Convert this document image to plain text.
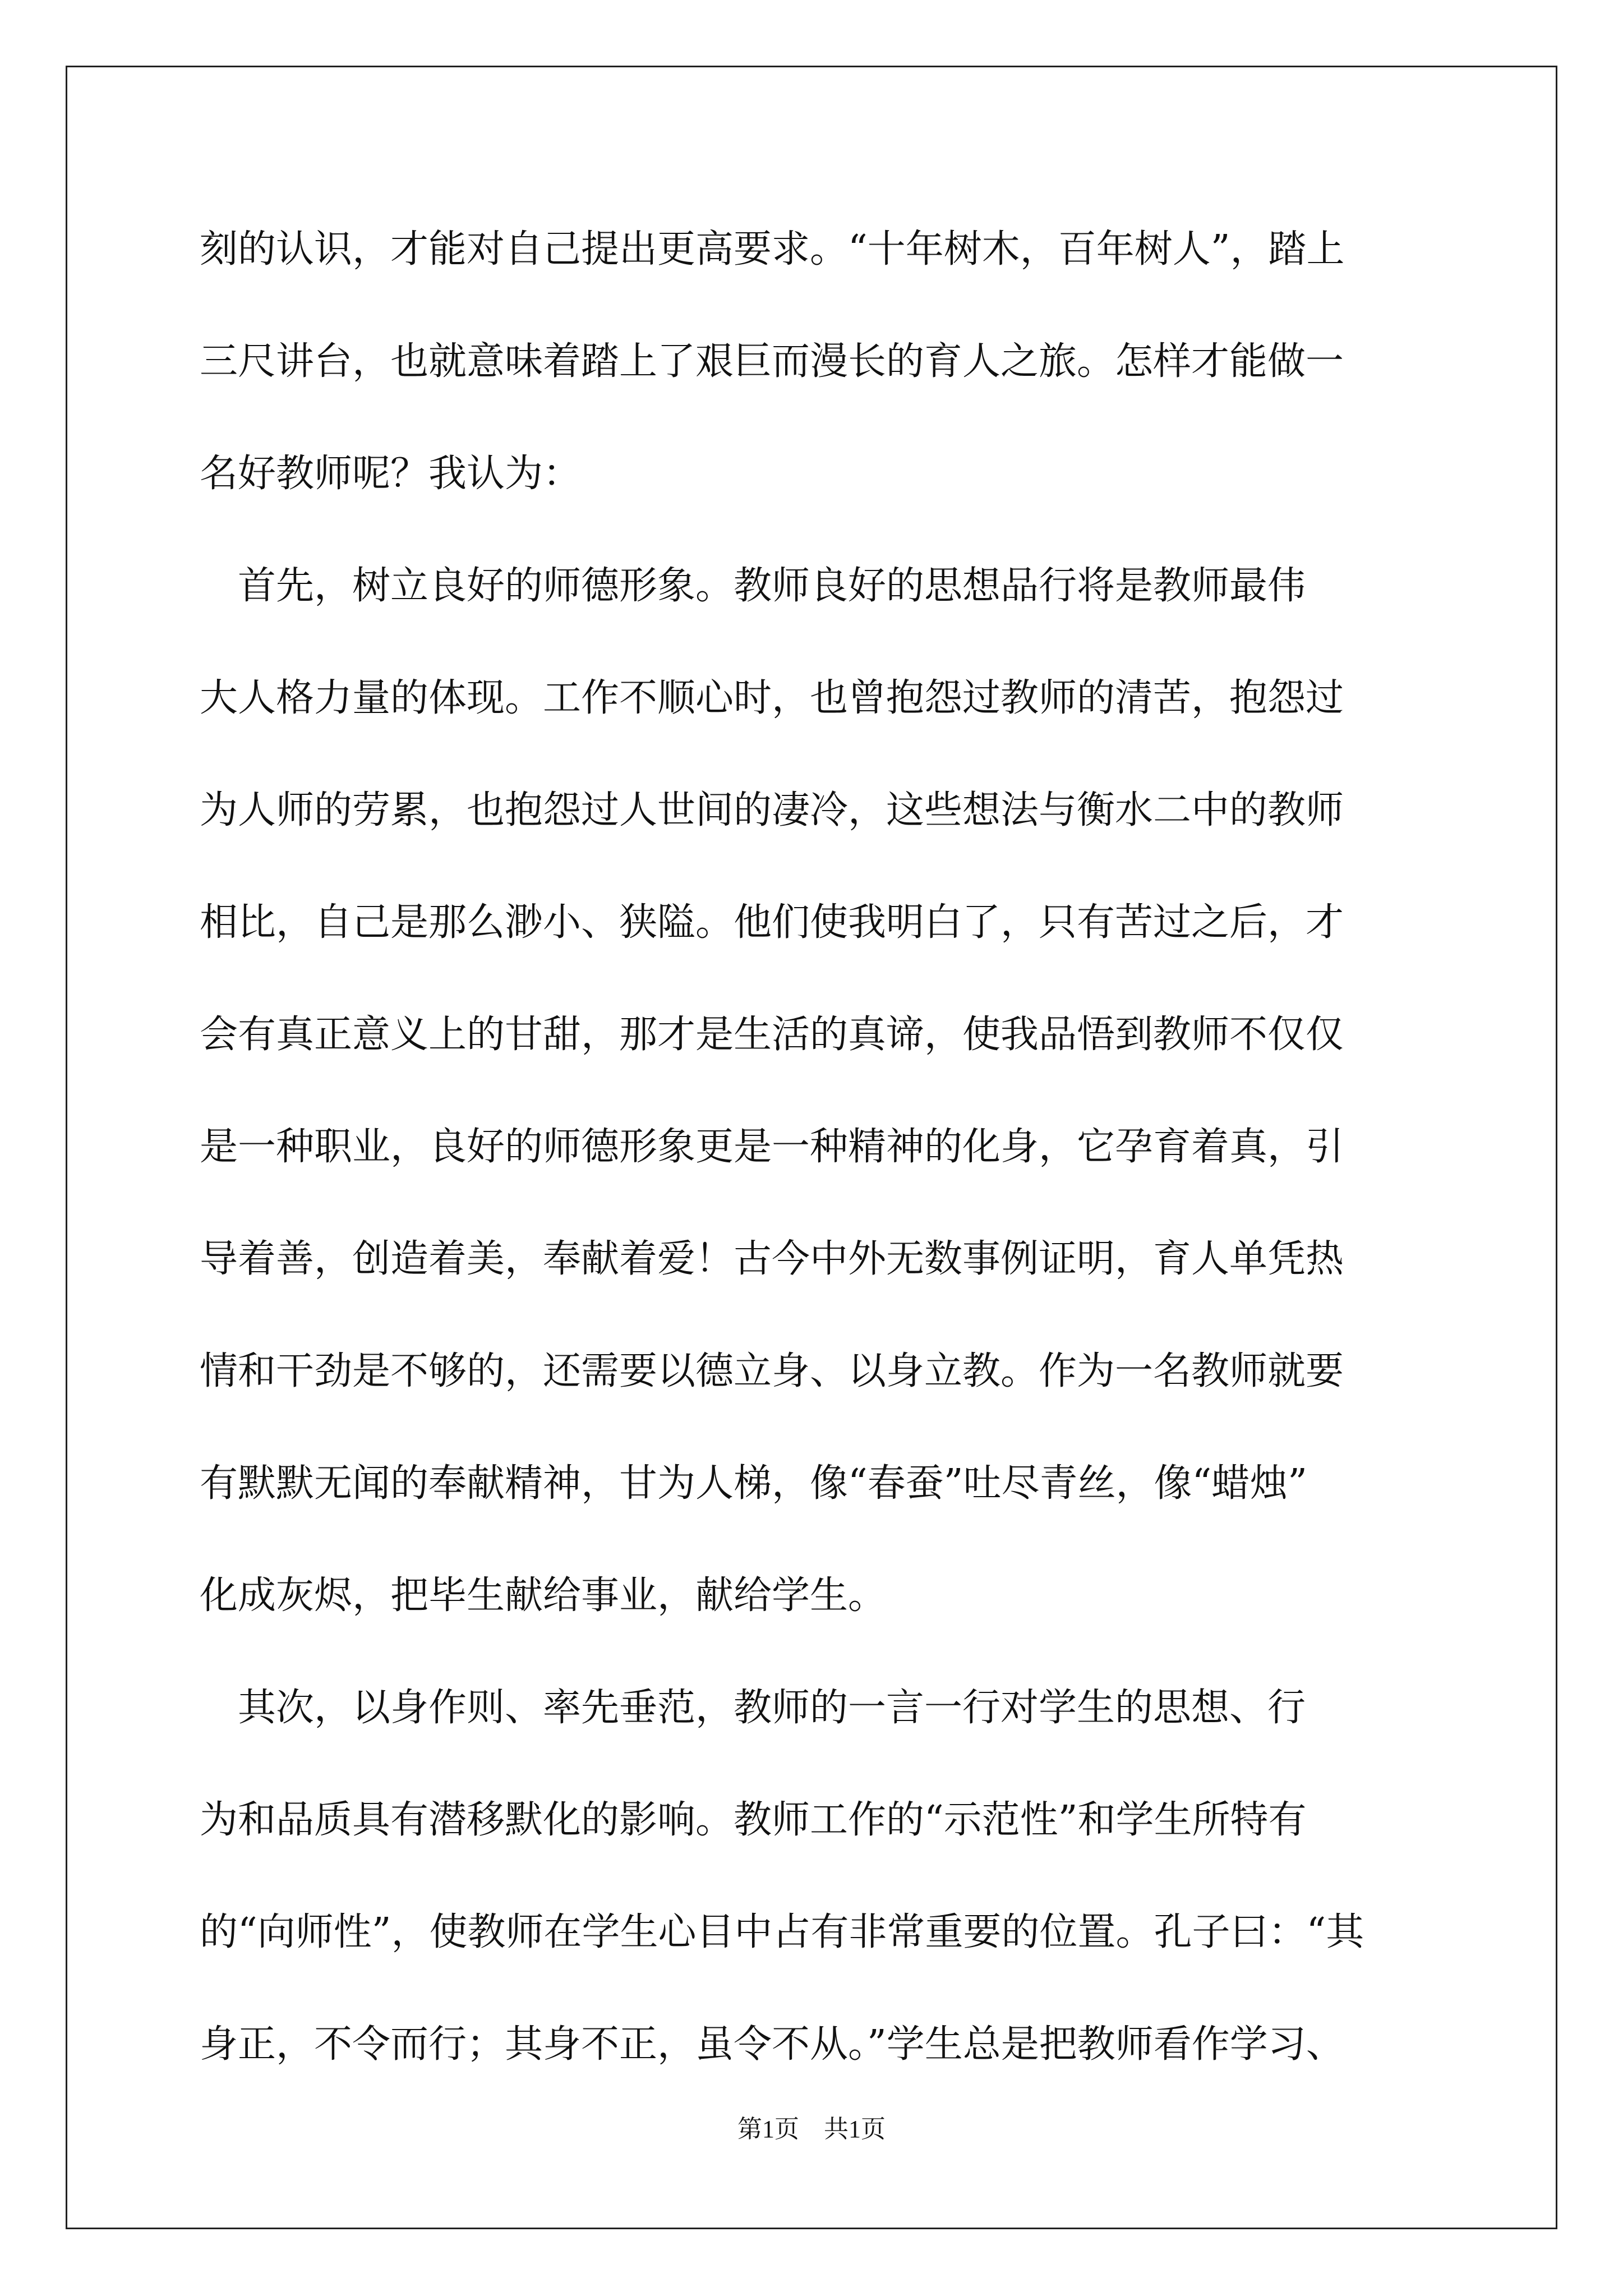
刻的认识，才能对自己提出更高要求。“十年树木，百年树人”，踏上
三尺讲台，也就意味着踏上了艰巨而漫长的育人之旅。怎样才能做一
名好教师呢？我认为：
　首先，树立良好的师德形象。教师良好的思想品行将是教师最伟
大人格力量的体现。工作不顺心时，也曾抱怨过教师的清苦，抱怨过
为人师的劳累，也抱怨过人世间的凄冷，这些想法与衡水二中的教师
相比，自己是那么渺小、狭隘。他们使我明白了，只有苦过之后，才
会有真正意义上的甘甜，那才是生活的真谛，使我品悟到教师不仅仅
是一种职业，良好的师德形象更是一种精神的化身，它孕育着真，引
导着善，创造着美，奉献着爱！古今中外无数事例证明，育人单凭热
情和干劲是不够的，还需要以德立身、以身立教。作为一名教师就要
有默默无闻的奉献精神，甘为人梯，像“春蚕”吐尽青丝，像“蜡烛”
化成灰烬，把毕生献给事业，献给学生。
　其次，以身作则、率先垂范，教师的一言一行对学生的思想、行
为和品质具有潜移默化的影响。教师工作的“示范性”和学生所特有
的“向师性”，使教师在学生心目中占有非常重要的位置。孔子曰：“其
身正，不令而行；其身不正，虽令不从。”学生总是把教师看作学习、
第1页　共1页
